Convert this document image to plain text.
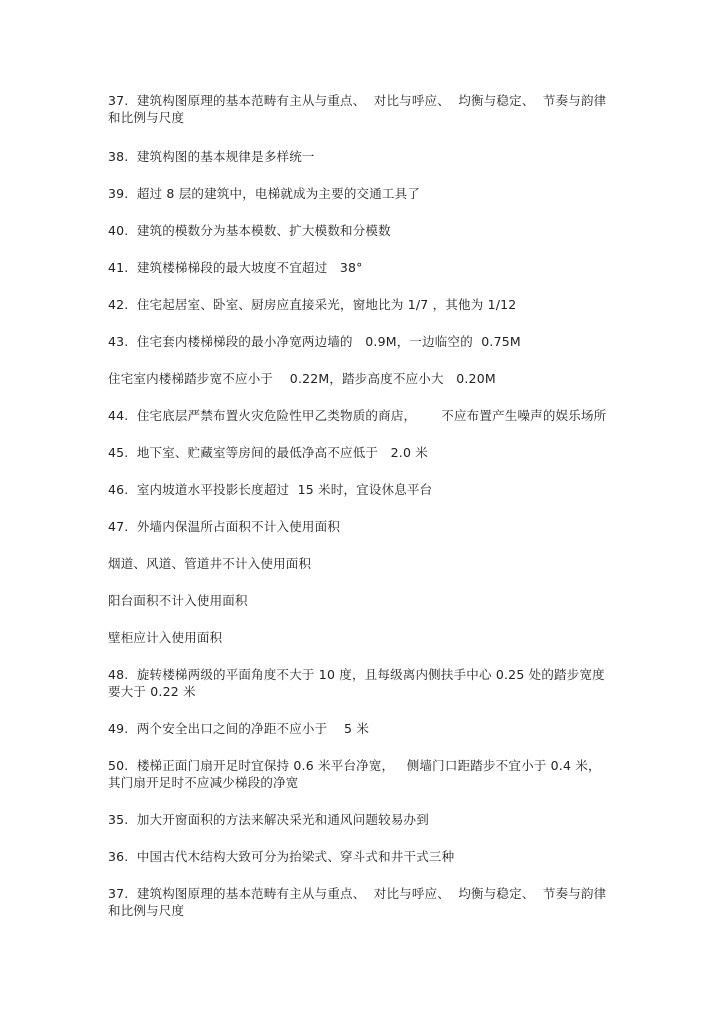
37.  建筑构图原理的基本范畴有主从与重点、  对比与呼应、  均衡与稳定、  节奏与韵律和比例与尺度

38.  建筑构图的基本规律是多样统一

39.  超过 8 层的建筑中，电梯就成为主要的交通工具了

40.  建筑的模数分为基本模数、扩大模数和分模数

41.  建筑楼梯梯段的最大坡度不宜超过   38°

42.  住宅起居室、卧室、厨房应直接采光，窗地比为 1/7 ，其他为 1/12

43.  住宅套内楼梯梯段的最小净宽两边墙的   0.9M，一边临空的  0.75M

住宅室内楼梯踏步宽不应小于    0.22M，踏步高度不应小大   0.20M

44.  住宅底层严禁布置火灾危险性甲乙类物质的商店，      不应布置产生噪声的娱乐场所

45.  地下室、贮藏室等房间的最低净高不应低于   2.0 米

46.  室内坡道水平投影长度超过  15 米时，宜设休息平台

47.  外墙内保温所占面积不计入使用面积

烟道、风道、管道井不计入使用面积

阳台面积不计入使用面积

壁柜应计入使用面积

48.  旋转楼梯两级的平面角度不大于 10 度，且每级离内侧扶手中心 0.25 处的踏步宽度要大于 0.22 米

49.  两个安全出口之间的净距不应小于    5 米

50.  楼梯正面门扇开足时宜保持 0.6 米平台净宽，   侧墙门口距踏步不宜小于 0.4 米，其门扇开足时不应减少梯段的净宽

35.  加大开窗面积的方法来解决采光和通风问题较易办到

36.  中国古代木结构大致可分为抬梁式、穿斗式和井干式三种

37.  建筑构图原理的基本范畴有主从与重点、  对比与呼应、  均衡与稳定、  节奏与韵律和比例与尺度
